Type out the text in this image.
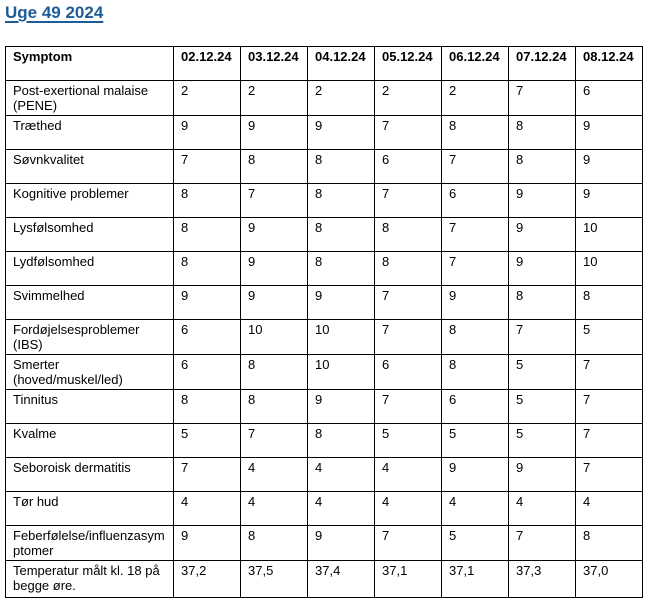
Uge 49 2024
Symptom	02.12.24	03.12.24	04.12.24	05.12.24	06.12.24	07.12.24	08.12.24
Post-exertional malaise (PENE)	2	2	2	2	2	7	6
Træthed	9	9	9	7	8	8	9
Søvnkvalitet	7	8	8	6	7	8	9
Kognitive problemer	8	7	8	7	6	9	9
Lysfølsomhed	8	9	8	8	7	9	10
Lydfølsomhed	8	9	8	8	7	9	10
Svimmelhed	9	9	9	7	9	8	8
Fordøjelsesproblemer (IBS)	6	10	10	7	8	7	5
Smerter (hoved/muskel/led)	6	8	10	6	8	5	7
Tinnitus	8	8	9	7	6	5	7
Kvalme	5	7	8	5	5	5	7
Seboroisk dermatitis	7	4	4	4	9	9	7
Tør hud	4	4	4	4	4	4	4
Feberfølelse/influenzasymptomer	9	8	9	7	5	7	8
Temperatur målt kl. 18 på begge øre.	37,2	37,5	37,4	37,1	37,1	37,3	37,0
